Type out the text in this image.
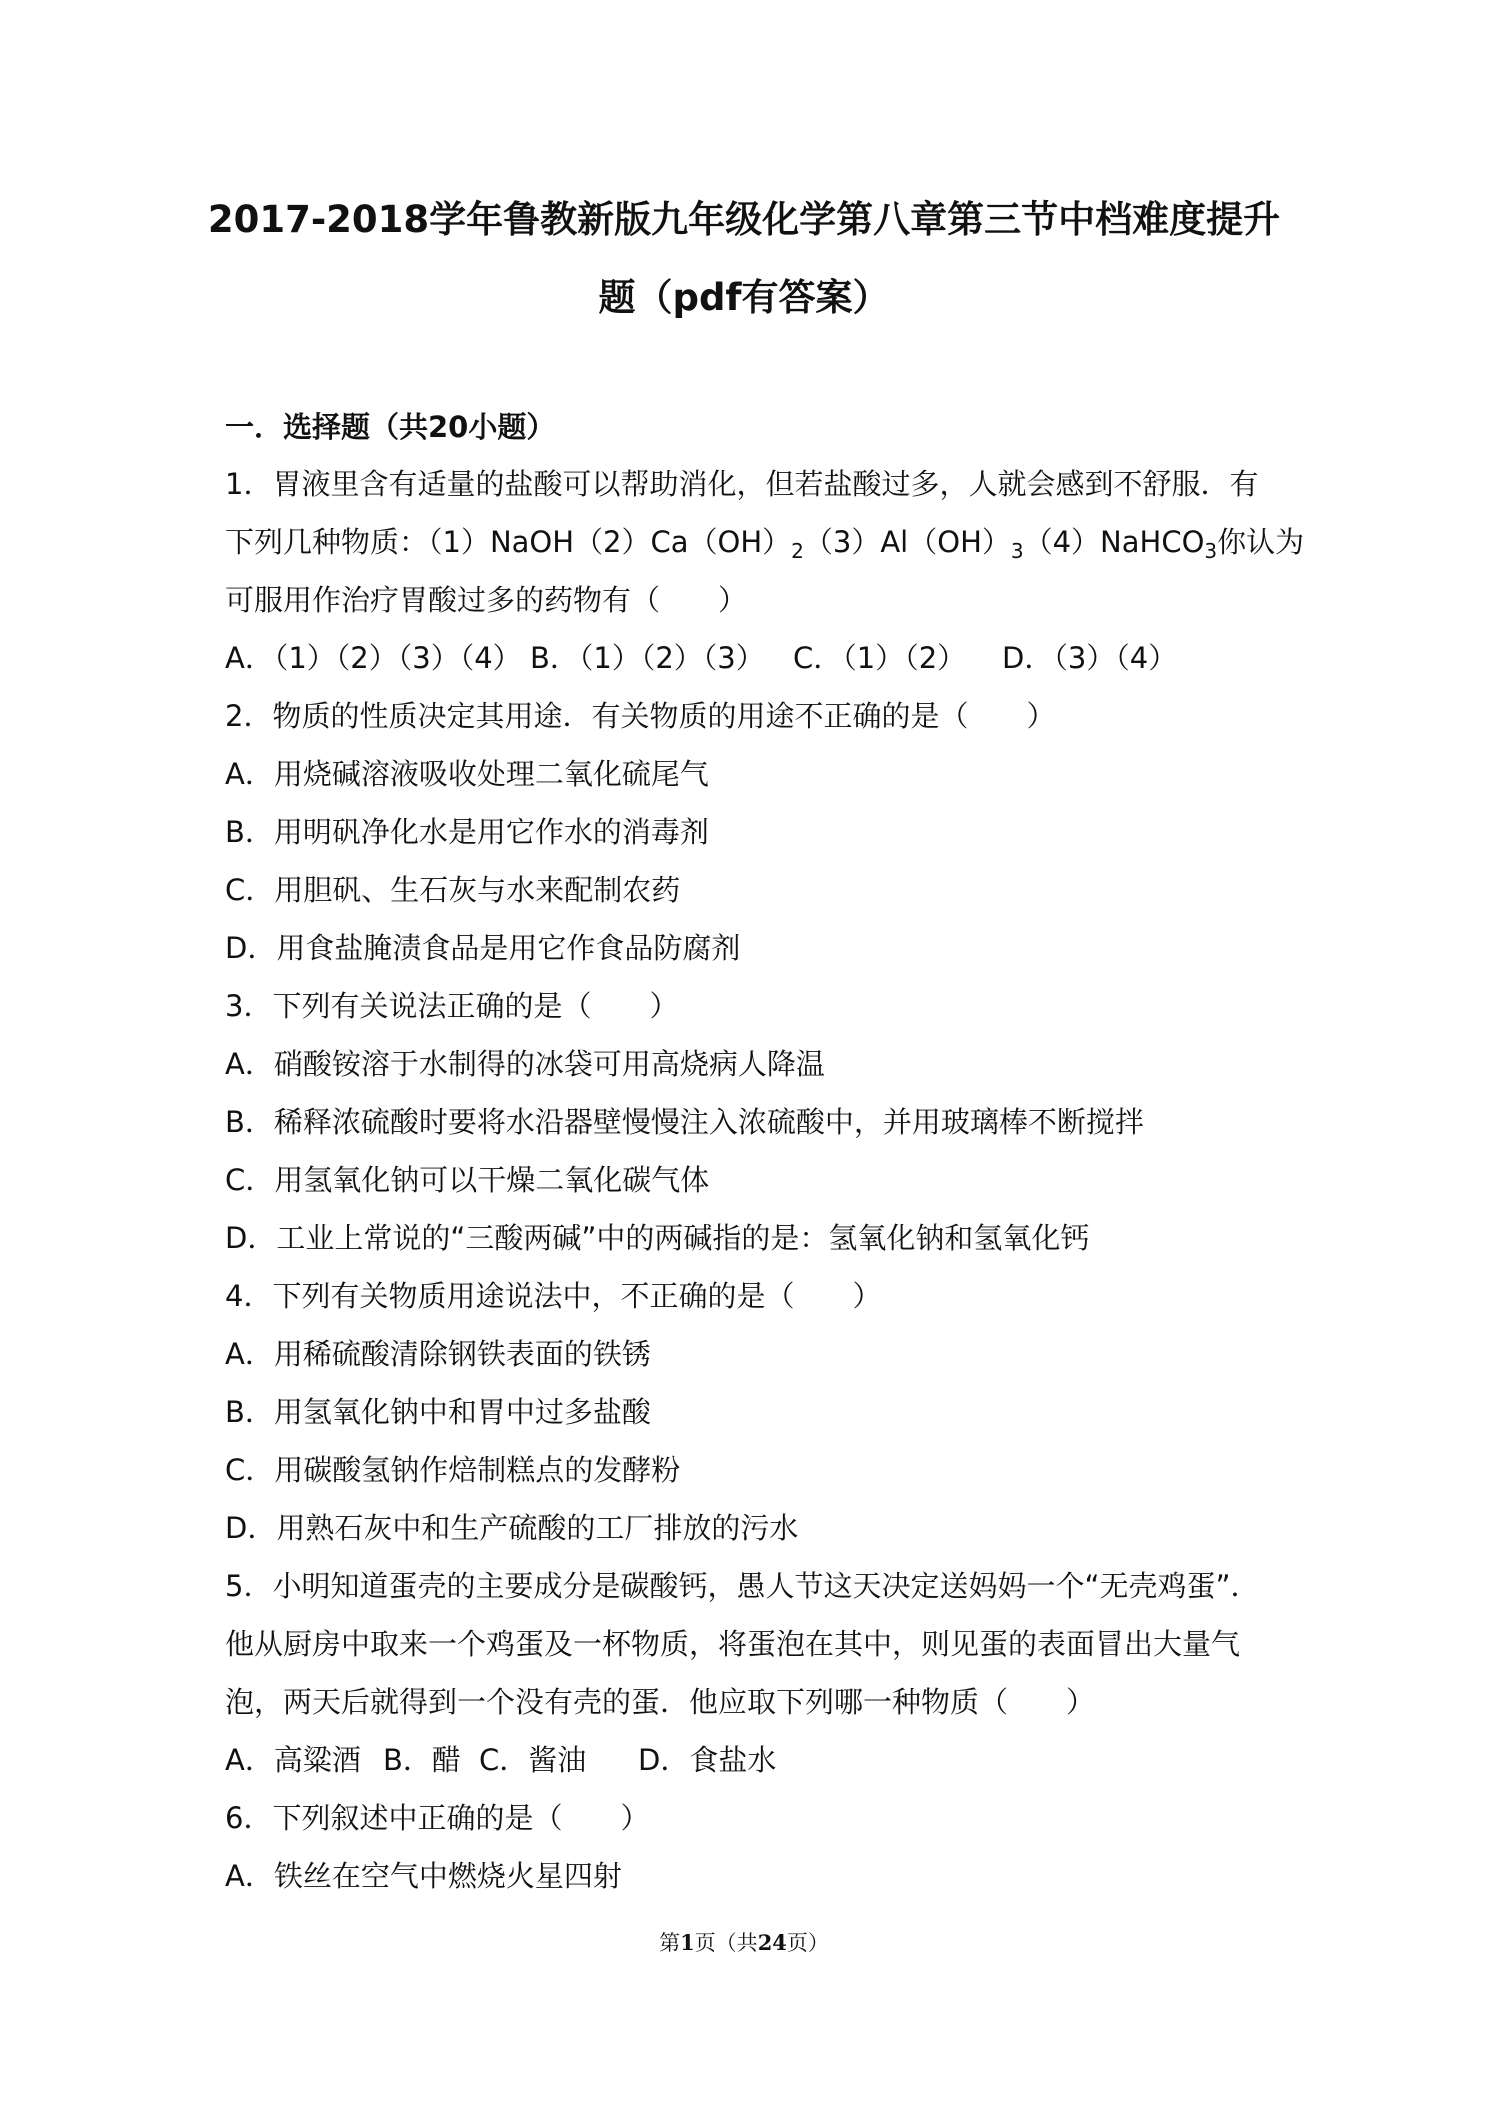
2017-2018学年鲁教新版九年级化学第八章第三节中档难度提升
题（pdf有答案）
一．选择题（共20小题）

1．胃液里含有适量的盐酸可以帮助消化，但若盐酸过多，人就会感到不舒服．有

下列几种物质：$(1)NaOH(2)Ca(OH)_2(3)Al(OH)_3(4)NaHCO_3$你认为

可服用作治疗胃酸过多的药物有（　　）

A．（1）（2）（3）（4） B．（1）（2）（3） C．（1）（2） D．（3）（4）

2．物质的性质决定其用途．有关物质的用途不正确的是（　　）

A．用烧碱溶液吸收处理二氧化硫尾气

B．用明矾净化水是用它作水的消毒剂

C．用胆矾、生石灰与水来配制农药

D．用食盐腌渍食品是用它作食品防腐剂

3．下列有关说法正确的是（　　）

A．硝酸铵溶于水制得的冰袋可用高烧病人降温

B．稀释浓硫酸时要将水沿器壁慢慢注入浓硫酸中，并用玻璃棒不断搅拌

C．用氢氧化钠可以干燥二氧化碳气体

D．工业上常说的“三酸两碱”中的两碱指的是：氢氧化钠和氢氧化钙

4．下列有关物质用途说法中，不正确的是（　　）

A．用稀硫酸清除钢铁表面的铁锈

B．用氢氧化钠中和胃中过多盐酸

C．用碳酸氢钠作焙制糕点的发酵粉

D．用熟石灰中和生产硫酸的工厂排放的污水

5．小明知道蛋壳的主要成分是碳酸钙，愚人节这天决定送妈妈一个“无壳鸡蛋”．

他从厨房中取来一个鸡蛋及一杯物质，将蛋泡在其中，则见蛋的表面冒出大量气

泡，两天后就得到一个没有壳的蛋．他应取下列哪一种物质（　　）

A．高粱酒 B．醋 C．酱油 D．食盐水

6．下列叙述中正确的是（　　）

A．铁丝在空气中燃烧火星四射

第1页（共24页）
